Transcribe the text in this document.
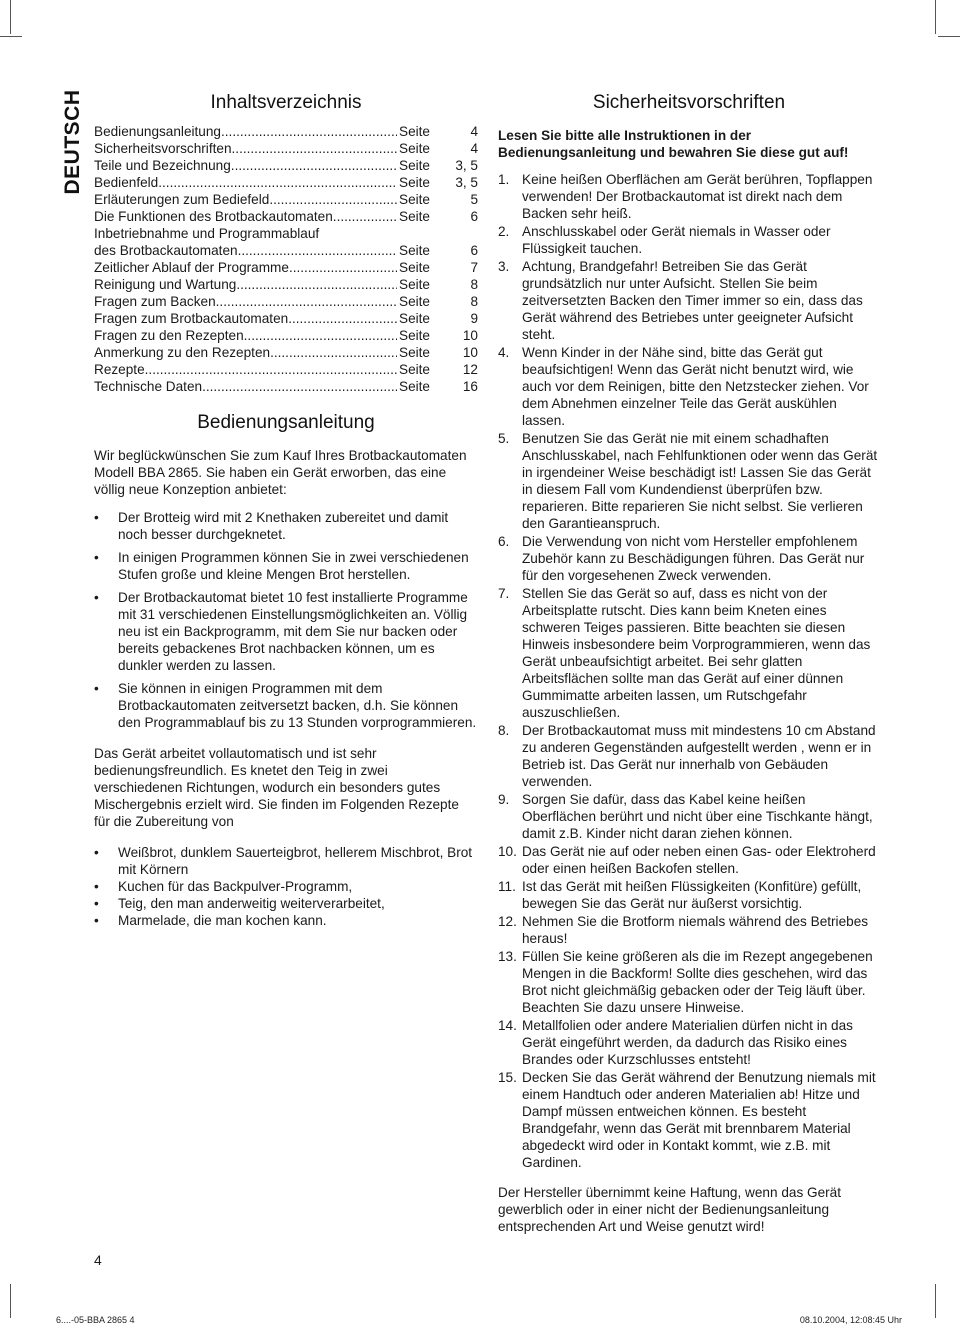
DEUTSCH	Inhaltsverzeichnis
Bedienungsanleitung .....	Seite	4
Sicherheitsvorschriften .....	Seite	4
Teile und Bezeichnung .....	Seite	3, 5
Bedienfeld .....	Seite	3, 5
Erläuterungen zum Bediefeld .....	Seite	5
Die Funktionen des Brotbackautomaten .....	Seite	6
Inbetriebnahme und Programmablauf
des Brotbackautomaten .....	Seite	6
Zeitlicher Ablauf der Programme .....	Seite	7
Reinigung und Wartung .....	Seite	8
Fragen zum Backen .....	Seite	8
Fragen zum Brotbackautomaten .....	Seite	9
Fragen zu den Rezepten .....	Seite	10
Anmerkung zu den Rezepten .....	Seite	10
Rezepte .....	Seite	12
Technische Daten .....	Seite	16
Bedienungsanleitung

Wir beglückwünschen Sie zum Kauf Ihres Brotbackautomaten Modell BBA 2865. Sie haben ein Gerät erworben, das eine völlig neue Konzeption anbietet:

• Der Brotteig wird mit 2 Knethaken zubereitet und damit noch besser durchgeknetet.
• In einigen Programmen können Sie in zwei verschiedenen Stufen große und kleine Mengen Brot herstellen.
• Der Brotbackautomat bietet 10 fest installierte Programme mit 31 verschiedenen Einstellungsmöglichkeiten an. Völlig neu ist ein Backprogramm, mit dem Sie nur backen oder bereits gebackenes Brot nachbacken können, um es dunkler werden zu lassen.
• Sie können in einigen Programmen mit dem Brotbackautomaten zeitversetzt backen, d.h. Sie können den Programmablauf bis zu 13 Stunden vorprogrammieren.

Das Gerät arbeitet vollautomatisch und ist sehr bedienungsfreundlich. Es knetet den Teig in zwei verschiedenen Richtungen, wodurch ein besonders gutes Mischergebnis erzielt wird. Sie finden im Folgenden Rezepte für die Zubereitung von

• Weißbrot, dunklem Sauerteigbrot, hellerem Mischbrot, Brot mit Körnern
• Kuchen für das Backpulver-Programm,
• Teig, den man anderweitig weiterverarbeitet,
• Marmelade, die man kochen kann.
Sicherheitsvorschriften

Lesen Sie bitte alle Instruktionen in der Bedienungsanleitung und bewahren Sie diese gut auf!

1. Keine heißen Oberflächen am Gerät berühren, Topflappen verwenden! Der Brotbackautomat ist direkt nach dem Backen sehr heiß.
2. Anschlusskabel oder Gerät niemals in Wasser oder Flüssigkeit tauchen.
3. Achtung, Brandgefahr! Betreiben Sie das Gerät grundsätzlich nur unter Aufsicht. Stellen Sie beim zeitversetzten Backen den Timer immer so ein, dass das Gerät während des Betriebes unter geeigneter Aufsicht steht.
4. Wenn Kinder in der Nähe sind, bitte das Gerät gut beaufsichtigen! Wenn das Gerät nicht benutzt wird, wie auch vor dem Reinigen, bitte den Netzstecker ziehen. Vor dem Abnehmen einzelner Teile das Gerät auskühlen lassen.
5. Benutzen Sie das Gerät nie mit einem schadhaften Anschlusskabel, nach Fehlfunktionen oder wenn das Gerät in irgendeiner Weise beschädigt ist! Lassen Sie das Gerät in diesem Fall vom Kundendienst überprüfen bzw. reparieren. Bitte reparieren Sie nicht selbst. Sie verlieren den Garantieanspruch.
6. Die Verwendung von nicht vom Hersteller empfohlenem Zubehör kann zu Beschädigungen führen. Das Gerät nur für den vorgesehenen Zweck verwenden.
7. Stellen Sie das Gerät so auf, dass es nicht von der Arbeitsplatte rutscht. Dies kann beim Kneten eines schweren Teiges passieren. Bitte beachten sie diesen Hinweis insbesondere beim Vorprogrammieren, wenn das Gerät unbeaufsichtigt arbeitet. Bei sehr glatten Arbeitsflächen sollte man das Gerät auf einer dünnen Gummimatte arbeiten lassen, um Rutschgefahr auszuschließen.
8. Der Brotbackautomat muss mit mindestens 10 cm Abstand zu anderen Gegenständen aufgestellt werden , wenn er in Betrieb ist. Das Gerät nur innerhalb von Gebäuden verwenden.
9. Sorgen Sie dafür, dass das Kabel keine heißen Oberflächen berührt und nicht über eine Tischkante hängt, damit z.B. Kinder nicht daran ziehen können.
10. Das Gerät nie auf oder neben einen Gas- oder Elektroherd oder einen heißen Backofen stellen.
11. Ist das Gerät mit heißen Flüssigkeiten (Konfitüre) gefüllt, bewegen Sie das Gerät nur äußerst vorsichtig.
12. Nehmen Sie die Brotform niemals während des Betriebes heraus!
13. Füllen Sie keine größeren als die im Rezept angegebenen Mengen in die Backform! Sollte dies geschehen, wird das Brot nicht gleichmäßig gebacken oder der Teig läuft über. Beachten Sie dazu unsere Hinweise.
14. Metallfolien oder andere Materialien dürfen nicht in das Gerät eingeführt werden, da dadurch das Risiko eines Brandes oder Kurzschlusses entsteht!
15. Decken Sie das Gerät während der Benutzung niemals mit einem Handtuch oder anderen Materialien ab! Hitze und Dampf müssen entweichen können. Es besteht Brandgefahr, wenn das Gerät mit brennbarem Material abgedeckt wird oder in Kontakt kommt, wie z.B. mit Gardinen.

Der Hersteller übernimmt keine Haftung, wenn das Gerät gewerblich oder in einer nicht der Bedienungsanleitung entsprechenden Art und Weise genutzt wird!

4
6....-05-BBA 2865 4	08.10.2004, 12:08:45 Uhr
